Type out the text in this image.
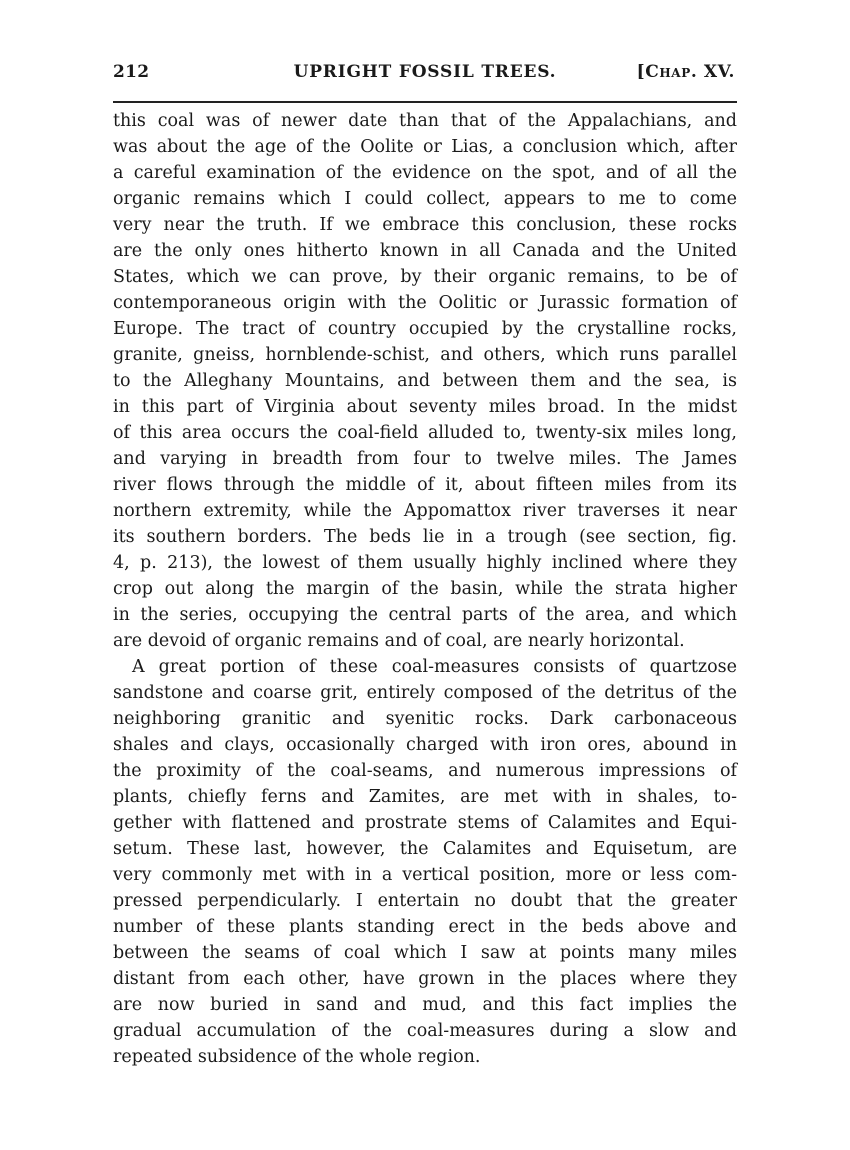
212	UPRIGHT FOSSIL TREES.	[Chap. XV.
this coal was of newer date than that of the Appalachians, and
was about the age of the Oolite or Lias, a conclusion which, after
a careful examination of the evidence on the spot, and of all the
organic remains which I could collect, appears to me to come
very near the truth. If we embrace this conclusion, these rocks
are the only ones hitherto known in all Canada and the United
States, which we can prove, by their organic remains, to be of
contemporaneous origin with the Oolitic or Jurassic formation of
Europe. The tract of country occupied by the crystalline rocks,
granite, gneiss, hornblende-schist, and others, which runs parallel
to the Alleghany Mountains, and between them and the sea, is
in this part of Virginia about seventy miles broad. In the midst
of this area occurs the coal-field alluded to, twenty-six miles long,
and varying in breadth from four to twelve miles. The James
river flows through the middle of it, about fifteen miles from its
northern extremity, while the Appomattox river traverses it near
its southern borders. The beds lie in a trough (see section, fig.
4, p. 213), the lowest of them usually highly inclined where they
crop out along the margin of the basin, while the strata higher
in the series, occupying the central parts of the area, and which
are devoid of organic remains and of coal, are nearly horizontal.
A great portion of these coal-measures consists of quartzose
sandstone and coarse grit, entirely composed of the detritus of the
neighboring granitic and syenitic rocks. Dark carbonaceous
shales and clays, occasionally charged with iron ores, abound in
the proximity of the coal-seams, and numerous impressions of
plants, chiefly ferns and Zamites, are met with in shales, to-
gether with flattened and prostrate stems of Calamites and Equi-
setum. These last, however, the Calamites and Equisetum, are
very commonly met with in a vertical position, more or less com-
pressed perpendicularly. I entertain no doubt that the greater
number of these plants standing erect in the beds above and
between the seams of coal which I saw at points many miles
distant from each other, have grown in the places where they
are now buried in sand and mud, and this fact implies the
gradual accumulation of the coal-measures during a slow and
repeated subsidence of the whole region.
